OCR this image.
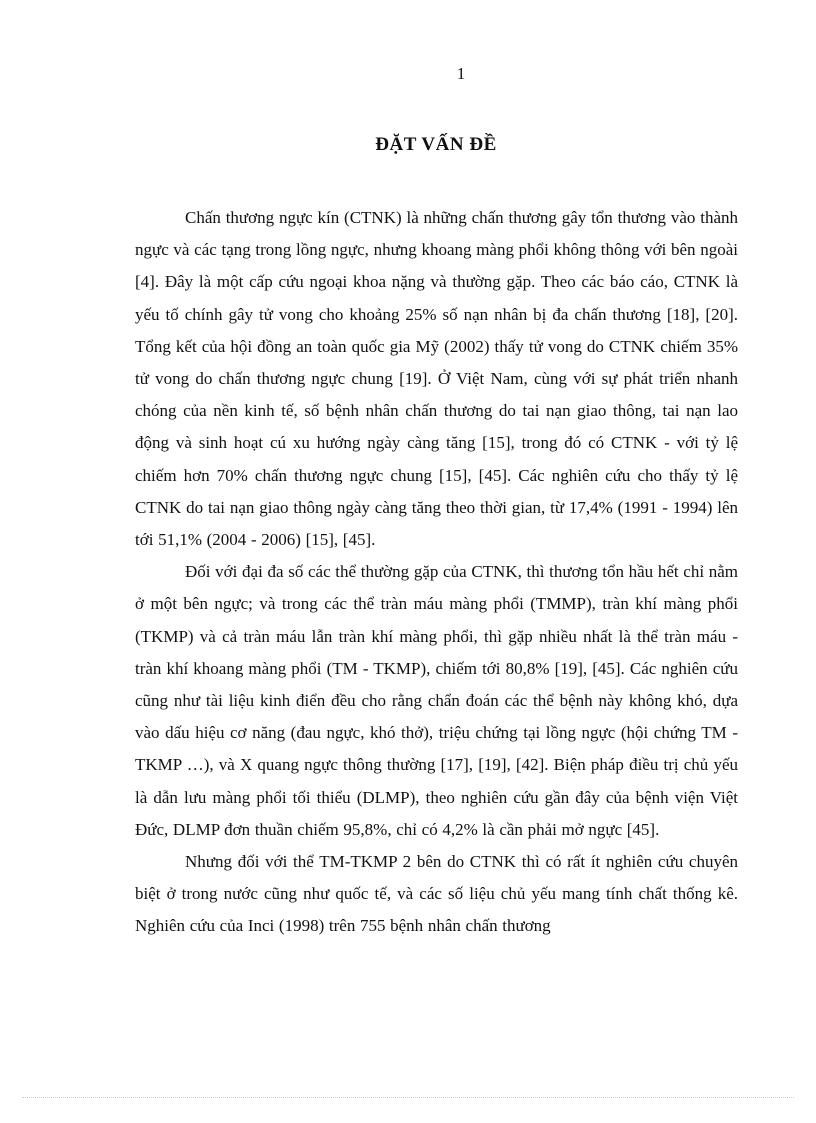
1
ĐẶT VẤN ĐỀ

Chấn thương ngực kín (CTNK) là những chấn thương gây tổn thương vào thành ngực và các tạng trong lồng ngực, nhưng khoang màng phổi không thông với bên ngoài [4]. Đây là một cấp cứu ngoại khoa nặng và thường gặp. Theo các báo cáo, CTNK là yếu tố chính gây tử vong cho khoảng 25% số nạn nhân bị đa chấn thương [18], [20]. Tổng kết của hội đồng an toàn quốc gia Mỹ (2002) thấy tử vong do CTNK chiếm 35% tử vong do chấn thương ngực chung [19]. Ở Việt Nam, cùng với sự phát triển nhanh chóng của nền kinh tế, số bệnh nhân chấn thương do tai nạn giao thông, tai nạn lao động và sinh hoạt cú xu hướng ngày càng tăng [15], trong đó có CTNK - với tỷ lệ chiếm hơn 70% chấn thương ngực chung [15], [45]. Các nghiên cứu cho thấy tỷ lệ CTNK do tai nạn giao thông ngày càng tăng theo thời gian, từ 17,4% (1991 - 1994) lên tới 51,1% (2004 - 2006) [15], [45].

Đối với đại đa số các thể thường gặp của CTNK, thì thương tổn hầu hết chỉ nằm ở một bên ngực; và trong các thể tràn máu màng phổi (TMMP), tràn khí màng phổi (TKMP) và cả tràn máu lẫn tràn khí màng phổi, thì gặp nhiều nhất là thể tràn máu - tràn khí khoang màng phổi (TM - TKMP), chiếm tới 80,8% [19], [45]. Các nghiên cứu cũng như tài liệu kinh điển đều cho rằng chẩn đoán các thể bệnh này không khó, dựa vào dấu hiệu cơ năng (đau ngực, khó thở), triệu chứng tại lồng ngực (hội chứng TM - TKMP …), và X quang ngực thông thường [17], [19], [42]. Biện pháp điều trị chủ yếu là dẫn lưu màng phổi tối thiểu (DLMP), theo nghiên cứu gần đây của bệnh viện Việt Đức, DLMP đơn thuần chiếm 95,8%, chỉ có 4,2% là cần phải mở ngực [45].

Nhưng đối với thể TM-TKMP 2 bên do CTNK thì có rất ít nghiên cứu chuyên biệt ở trong nước cũng như quốc tế, và các số liệu chủ yếu mang tính chất thống kê. Nghiên cứu của Inci (1998) trên 755 bệnh nhân chấn thương
